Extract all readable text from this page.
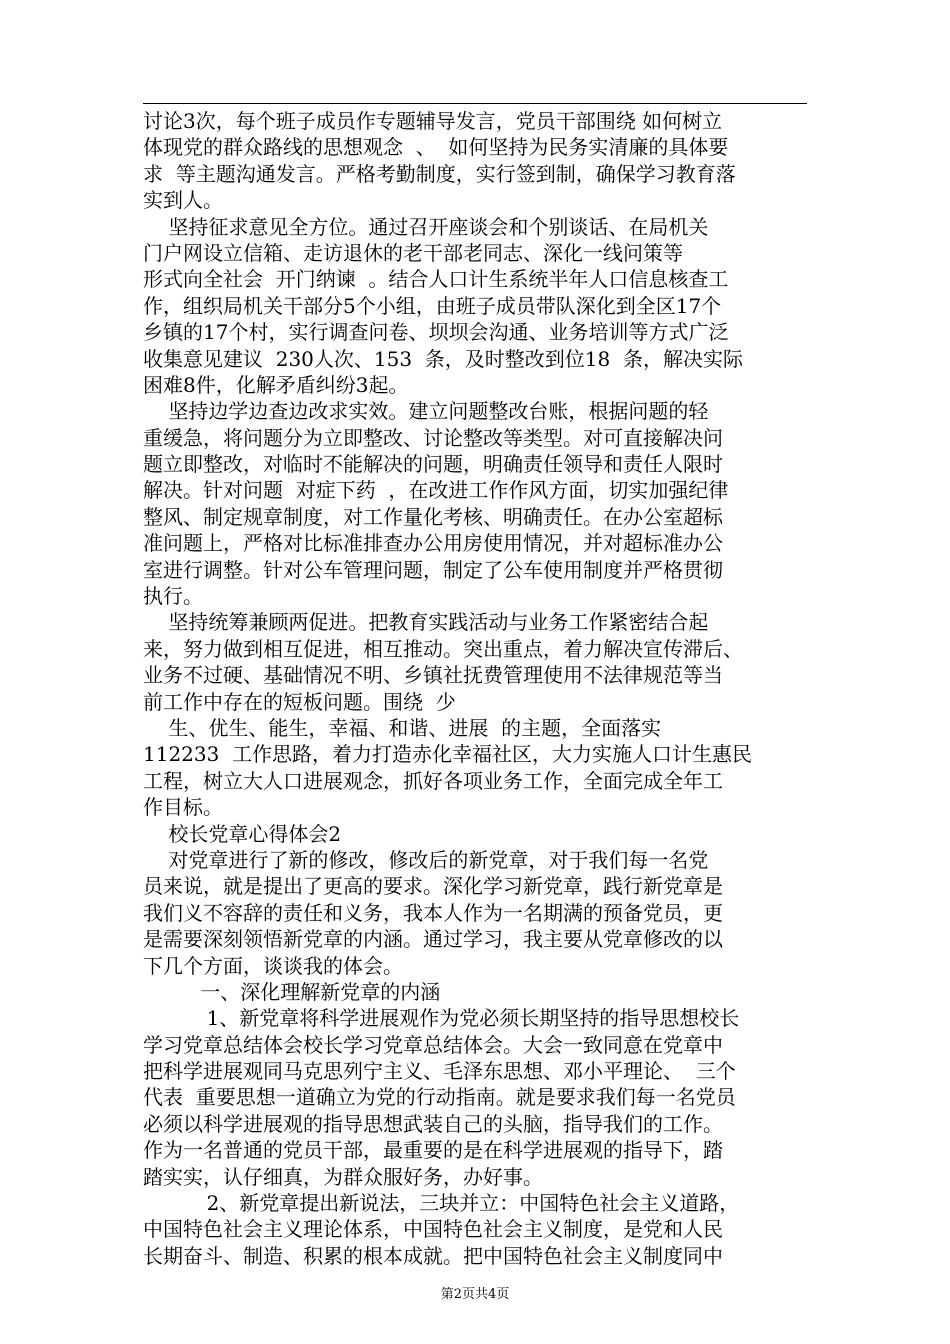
讨论3次，每个班子成员作专题辅导发言，党员干部围绕 如何树立
体现党的群众路线的思想观念  、  如何坚持为民务实清廉的具体要
求  等主题沟通发言。严格考勤制度，实行签到制，确保学习教育落
实到人。
坚持征求意见全方位。通过召开座谈会和个别谈话、在局机关
门户网设立信箱、走访退休的老干部老同志、深化一线问策等
形式向全社会  开门纳谏  。结合人口计生系统半年人口信息核查工
作，组织局机关干部分5个小组，由班子成员带队深化到全区17个
乡镇的17个村，实行调查问卷、坝坝会沟通、业务培训等方式广泛
收集意见建议  230人次、153  条，及时整改到位18  条，解决实际
困难8件，化解矛盾纠纷3起。
坚持边学边查边改求实效。建立问题整改台账，根据问题的轻
重缓急，将问题分为立即整改、讨论整改等类型。对可直接解决问
题立即整改，对临时不能解决的问题，明确责任领导和责任人限时
解决。针对问题  对症下药  ，在改进工作作风方面，切实加强纪律
整风、制定规章制度，对工作量化考核、明确责任。在办公室超标
准问题上，严格对比标准排查办公用房使用情况，并对超标准办公
室进行调整。针对公车管理问题，制定了公车使用制度并严格贯彻
执行。
坚持统筹兼顾两促进。把教育实践活动与业务工作紧密结合起
来，努力做到相互促进，相互推动。突出重点，着力解决宣传滞后、
业务不过硬、基础情况不明、乡镇社抚费管理使用不法律规范等当
前工作中存在的短板问题。围绕  少
生、优生、能生，幸福、和谐、进展  的主题，全面落实
112233  工作思路，着力打造赤化幸福社区，大力实施人口计生惠民
工程，树立大人口进展观念，抓好各项业务工作，全面完成全年工
作目标。
校长党章心得体会2
对党章进行了新的修改，修改后的新党章，对于我们每一名党
员来说，就是提出了更高的要求。深化学习新党章，践行新党章是
我们义不容辞的责任和义务，我本人作为一名期满的预备党员，更
是需要深刻领悟新党章的内涵。通过学习，我主要从党章修改的以
下几个方面，谈谈我的体会。
一、深化理解新党章的内涵
1、新党章将科学进展观作为党必须长期坚持的指导思想校长
学习党章总结体会校长学习党章总结体会。大会一致同意在党章中
把科学进展观同马克思列宁主义、毛泽东思想、邓小平理论、  三个
代表  重要思想一道确立为党的行动指南。就是要求我们每一名党员
必须以科学进展观的指导思想武装自己的头脑，指导我们的工作。
作为一名普通的党员干部，最重要的是在科学进展观的指导下，踏
踏实实，认仔细真，为群众服好务，办好事。
2、新党章提出新说法，三块并立：中国特色社会主义道路，
中国特色社会主义理论体系，中国特色社会主义制度，是党和人民
长期奋斗、制造、积累的根本成就。把中国特色社会主义制度同中
第2页共4页
